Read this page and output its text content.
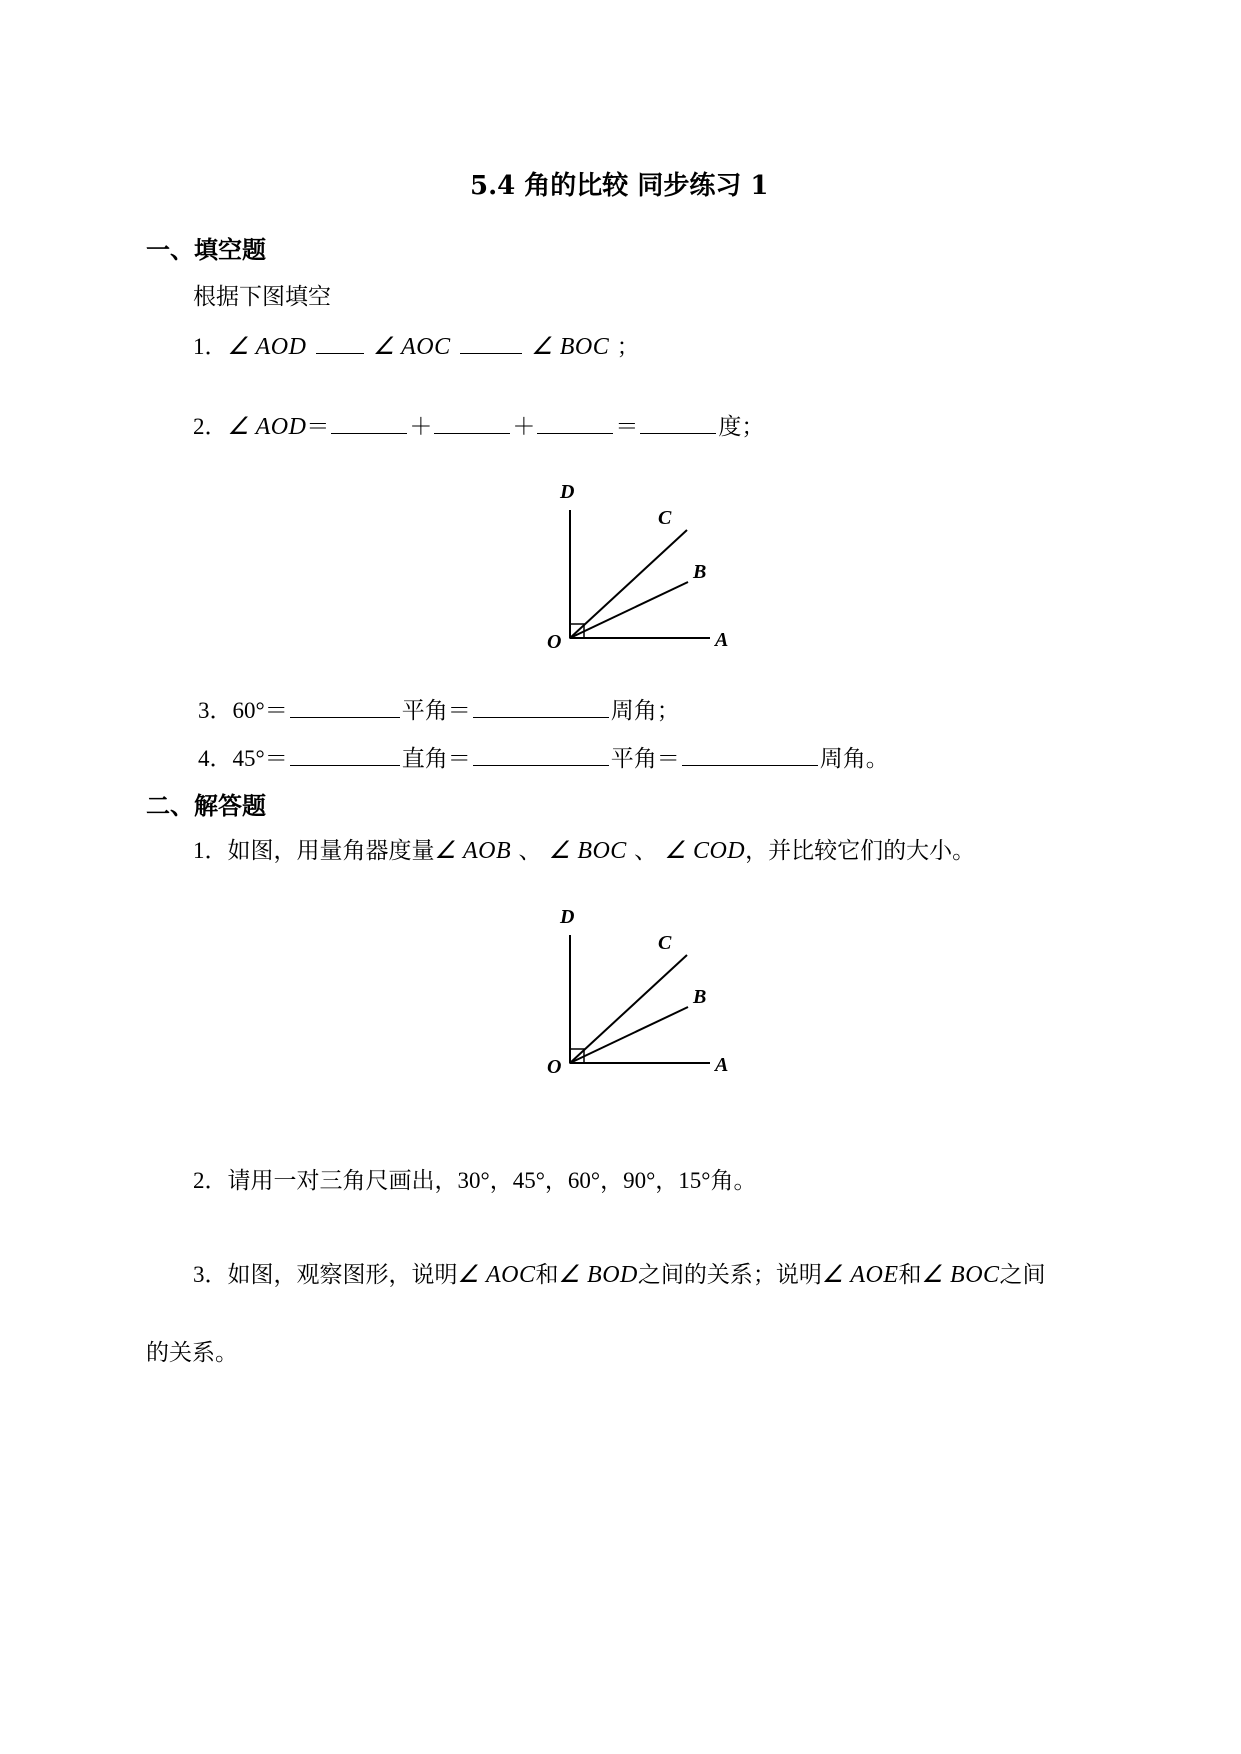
5.4 角的比较 同步练习 1
一、填空题
根据下图填空
1．∠ AOD	∠ AOC	∠ BOC ；
2．∠ AOD＝	＋	＋	＝	度；
D
C
B
O	A
3．60°＝	平角＝	周角；
4．45°＝	直角＝	平角＝	周角。
二、解答题
1．如图，用量角器度量∠ AOB 、 ∠ BOC 、 ∠ COD，并比较它们的大小。
D
C
B
O	A
2．请用一对三角尺画出，30°，45°，60°，90°，15°角。
3．如图，观察图形，说明∠ AOC和∠ BOD之间的关系；说明∠ AOE和∠ BOC之间
的关系。
